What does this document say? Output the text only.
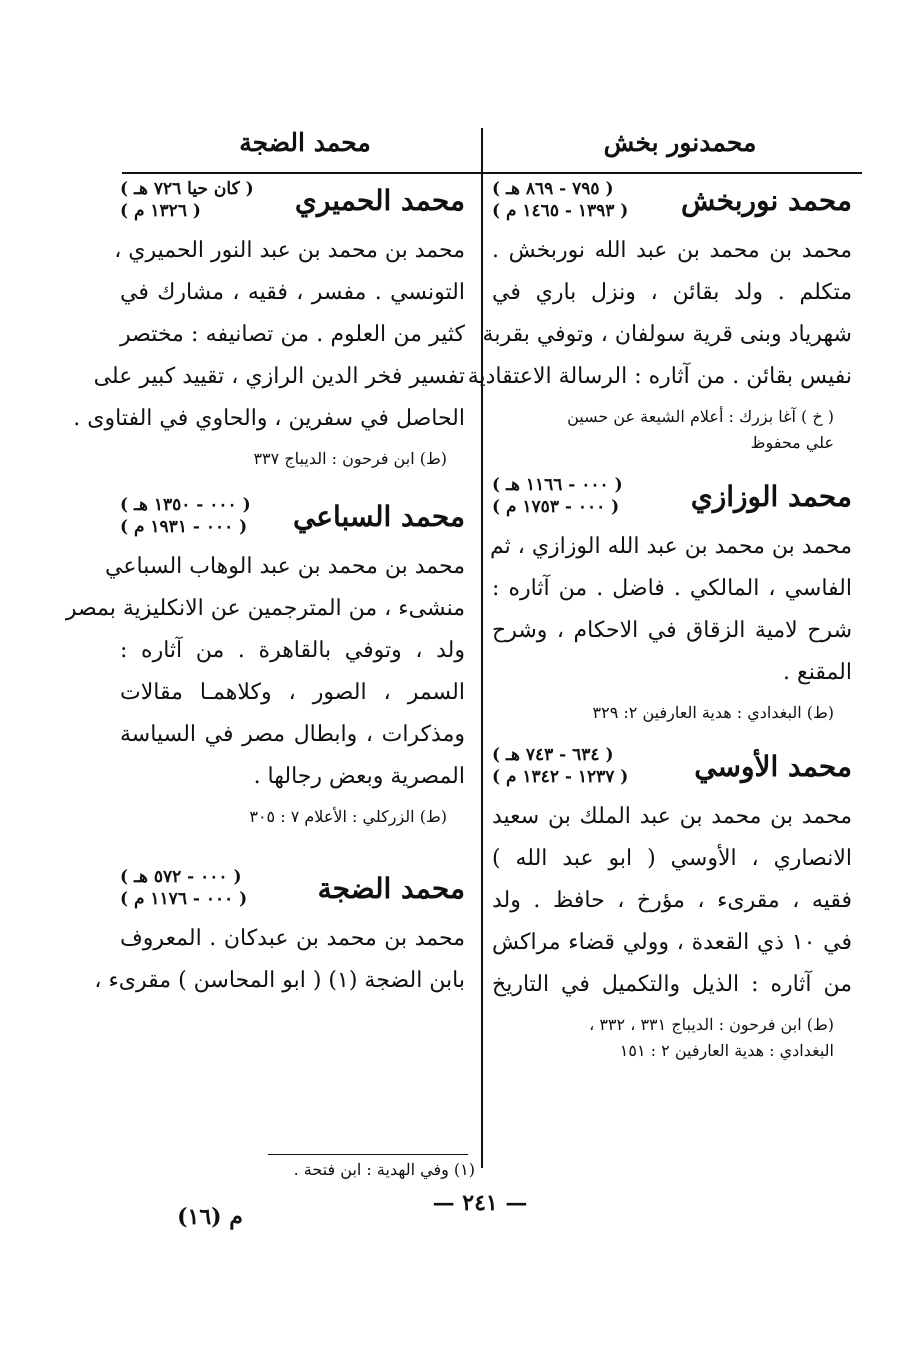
محمدنور بخش
محمد الضجة
محمد نوربخش
( ٧٩٥ - ٨٦٩ هـ )
( ١٣٩٣ - ١٤٦٥ م )
محمد بن محمد بن عبد الله نوربخش .
متكلم . ولد بقائن ، ونزل باري في
شهرياد وبنى قرية سولفان ، وتوفي بقربة
نفيس بقائن . من آثاره : الرسالة الاعتقادية .
( خ ) آغا بزرك : أعلام الشيعة عن حسين
علي محفوظ
محمد الوزازي
( ٠٠٠ - ١١٦٦ هـ )
( ٠٠٠ - ١٧٥٣ م )
محمد بن محمد بن عبد الله الوزازي ، ثم
الفاسي ، المالكي . فاضل . من آثاره :
شرح لامية الزقاق في الاحكام ، وشرح
المقنع .
(ط) البغدادي : هدية العارفين ٢: ٣٢٩
محمد الأوسي
( ٦٣٤ - ٧٤٣ هـ )
( ١٢٣٧ - ١٣٤٢ م )
محمد بن محمد بن عبد الملك بن سعيد
الانصاري ، الأوسي ( ابو عبد الله )
فقيه ، مقرىء ، مؤرخ ، حافظ . ولد
في ١٠ ذي القعدة ، وولي قضاء مراكش
من آثاره : الذيل والتكميل في التاريخ
(ط) ابن فرحون : الديباج ٣٣١ ، ٣٣٢ ،
البغدادي : هدية العارفين ٢ : ١٥١
محمد الحميري
( كان حيا ٧٢٦ هـ )
( ١٣٢٦ م )
محمد بن محمد بن عبد النور الحميري ،
التونسي . مفسر ، فقيه ، مشارك في
كثير من العلوم . من تصانيفه : مختصر
تفسير فخر الدين الرازي ، تقييد كبير على
الحاصل في سفرين ، والحاوي في الفتاوى .
(ط) ابن فرحون : الديباج ٣٣٧
محمد السباعي
( ٠٠٠ - ١٣٥٠ هـ )
( ٠٠٠ - ١٩٣١ م )
محمد بن محمد بن عبد الوهاب السباعي
منشىء ، من المترجمين عن الانكليزية بمصر
ولد ، وتوفي بالقاهرة . من آثاره :
السمر ، الصور ، وكلاهمـا مقالات
ومذكرات ، وابطال مصر في السياسة
المصرية وبعض رجالها .
(ط) الزركلي : الأعلام ٧ : ٣٠٥
محمد الضجة
( ٠٠٠ - ٥٧٢ هـ )
( ٠٠٠ - ١١٧٦ م )
محمد بن محمد بن عبدكان . المعروف
بابن الضجة (١) ( ابو المحاسن ) مقرىء ،
(١) وفي الهدية : ابن فتحة .
— ٢٤١ —
م (١٦)
